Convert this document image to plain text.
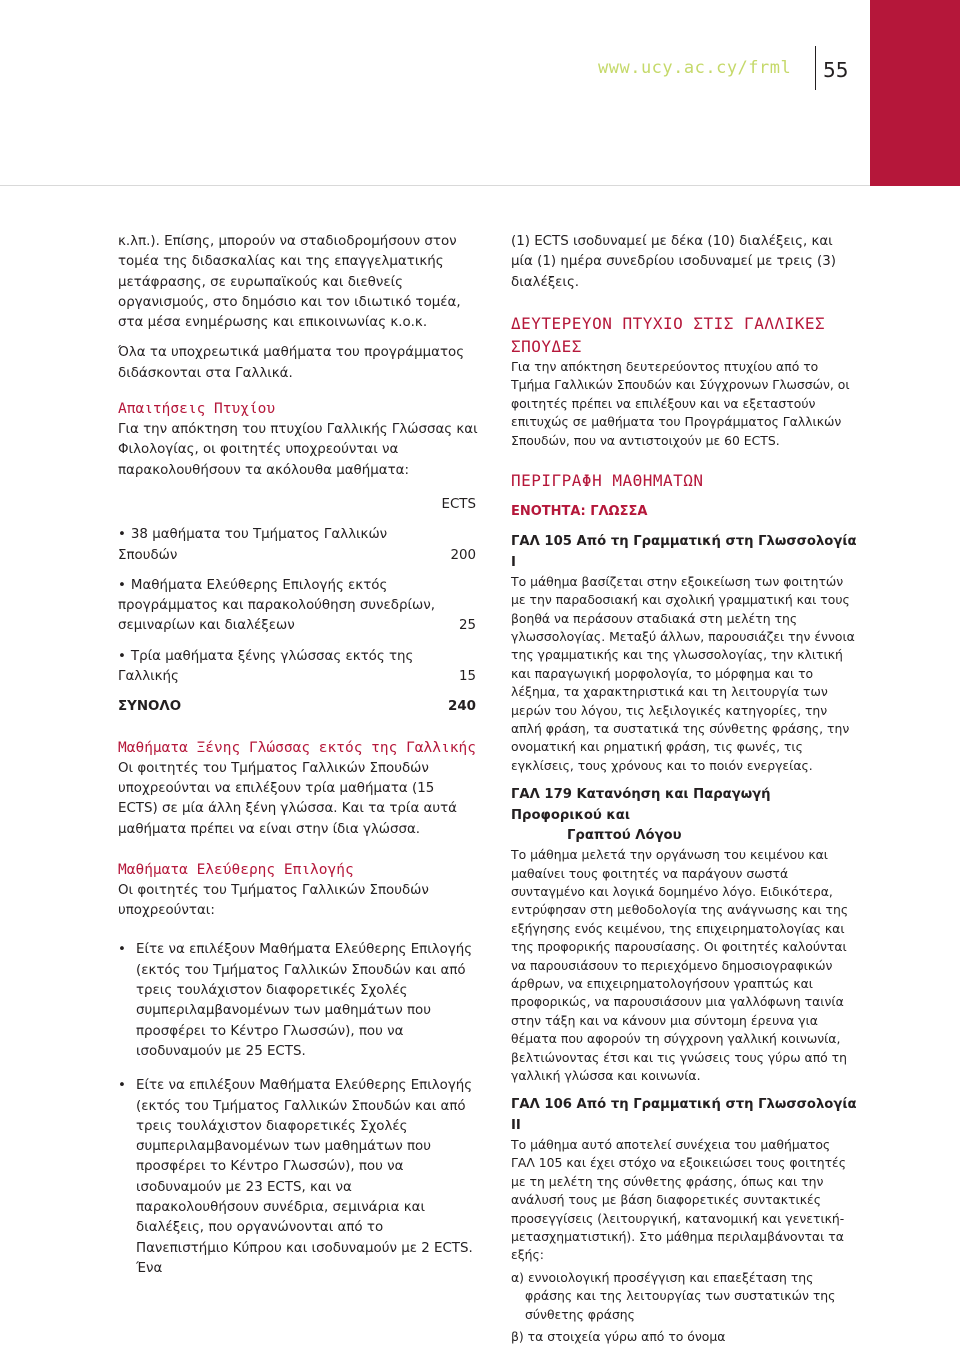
www.ucy.ac.cy/frml 55

κ.λπ.). Επίσης, μπορούν να σταδιοδρομήσουν στον τομέα της διδασκαλίας και της επαγγελματικής μετάφρασης, σε ευρωπαϊκούς και διεθνείς οργανισμούς, στο δημόσιο και τον ιδιωτικό τομέα, στα μέσα ενημέρωσης και επικοινωνίας κ.ο.κ.

Όλα τα υποχρεωτικά μαθήματα του προγράμματος διδάσκονται στα Γαλλικά.

Απαιτήσεις Πτυχίου

Για την απόκτηση του πτυχίου Γαλλικής Γλώσσας και Φιλολογίας, οι φοιτητές υποχρεούνται να παρακολουθήσουν τα ακόλουθα μαθήματα:

ECTS
• 38 μαθήματα του Τμήματος Γαλλικών Σπουδών	200
• Μαθήματα Ελεύθερης Επιλογής εκτός προγράμματος και παρακολούθηση συνεδρίων, σεμιναρίων και διαλέξεων	25
• Τρία μαθήματα ξένης γλώσσας εκτός της Γαλλικής	15
ΣΥΝΟΛΟ	240
Μαθήματα Ξένης Γλώσσας εκτός της Γαλλικής

Οι φοιτητές του Τμήματος Γαλλικών Σπουδών υποχρεούνται να επιλέξουν τρία μαθήματα (15 ECTS) σε μία άλλη ξένη γλώσσα. Και τα τρία αυτά μαθήματα πρέπει να είναι στην ίδια γλώσσα.

Μαθήματα Ελεύθερης Επιλογής

Οι φοιτητές του Τμήματος Γαλλικών Σπουδών υποχρεούνται:

• Είτε να επιλέξουν Μαθήματα Ελεύθερης Επιλογής (εκτός του Τμήματος Γαλλικών Σπουδών και από τρεις τουλάχιστον διαφορετικές Σχολές συμπεριλαμβανομένων των μαθημάτων που προσφέρει το Κέντρο Γλωσσών), που να ισοδυναμούν με 25 ECTS.
• Είτε να επιλέξουν Μαθήματα Ελεύθερης Επιλογής (εκτός του Τμήματος Γαλλικών Σπουδών και από τρεις τουλάχιστον διαφορετικές Σχολές συμπεριλαμβανομένων των μαθημάτων που προσφέρει το Κέντρο Γλωσσών), που να ισοδυναμούν με 23 ECTS, και να παρακολουθήσουν συνέδρια, σεμινάρια και διαλέξεις, που οργανώνονται από το Πανεπιστήμιο Κύπρου και ισοδυναμούν με 2 ECTS. Ένα

(1) ECTS ισοδυναμεί με δέκα (10) διαλέξεις, και μία (1) ημέρα συνεδρίου ισοδυναμεί με τρεις (3) διαλέξεις.

ΔΕΥΤΕΡΕΥΟΝ ΠΤΥΧΙΟ ΣΤΙΣ ΓΑΛΛΙΚΕΣ ΣΠΟΥΔΕΣ

Για την απόκτηση δευτερεύοντος πτυχίου από το Τμήμα Γαλλικών Σπουδών και Σύγχρονων Γλωσσών, οι φοιτητές πρέπει να επιλέξουν και να εξεταστούν επιτυχώς σε μαθήματα του Προγράμματος Γαλλικών Σπουδών, που να αντιστοιχούν με 60 ECTS.

ΠΕΡΙΓΡΑΦΗ ΜΑΘΗΜΑΤΩΝ
ΕΝΟΤΗΤΑ: ΓΛΩΣΣΑ
ΓΑΛ 105 Από τη Γραμματική στη Γλωσσολογία I

Το μάθημα βασίζεται στην εξοικείωση των φοιτητών με την παραδοσιακή και σχολική γραμματική και τους βοηθά να περάσουν σταδιακά στη μελέτη της γλωσσολογίας. Μεταξύ άλλων, παρουσιάζει την έννοια της γραμματικής και της γλωσσολογίας, την κλιτική και παραγωγική μορφολογία, το μόρφημα και το λέξημα, τα χαρακτηριστικά και τη λειτουργία των μερών του λόγου, τις λεξιλογικές κατηγορίες, την απλή φράση, τα συστατικά της σύνθετης φράσης, την ονοματική και ρηματική φράση, τις φωνές, τις εγκλίσεις, τους χρόνους και το ποιόν ενεργείας.

ΓΑΛ 179 Κατανόηση και Παραγωγή Προφορικού και
Γραπτού Λόγου

Το μάθημα μελετά την οργάνωση του κειμένου και μαθαίνει τους φοιτητές να παράγουν σωστά συνταγμένο και λογικά δομημένο λόγο. Ειδικότερα, εντρύφησαν στη μεθοδολογία της ανάγνωσης και της εξήγησης ενός κειμένου, της επιχειρηματολογίας και της προφορικής παρουσίασης. Οι φοιτητές καλούνται να παρουσιάσουν το περιεχόμενο δημοσιογραφικών άρθρων, να επιχειρηματολογήσουν γραπτώς και προφορικώς, να παρουσιάσουν μια γαλλόφωνη ταινία στην τάξη και να κάνουν μια σύντομη έρευνα για θέματα που αφορούν τη σύγχρονη γαλλική κοινωνία, βελτιώνοντας έτσι και τις γνώσεις τους γύρω από τη γαλλική γλώσσα και κοινωνία.

ΓΑΛ 106 Από τη Γραμματική στη Γλωσσολογία II

Το μάθημα αυτό αποτελεί συνέχεια του μαθήματος ΓΑΛ 105 και έχει στόχο να εξοικειώσει τους φοιτητές με τη μελέτη της σύνθετης φράσης, όπως και την ανάλυσή τους με βάση διαφορετικές συντακτικές προσεγγίσεις (λειτουργική, κατανομική και γενετική-μετασχηματιστική). Στο μάθημα περιλαμβάνονται τα εξής:

α) εννοιολογική προσέγγιση και επαεξέταση της φράσης και της λειτουργίας των συστατικών της σύνθετης φράσης

β) τα στοιχεία γύρω από το όνομα
